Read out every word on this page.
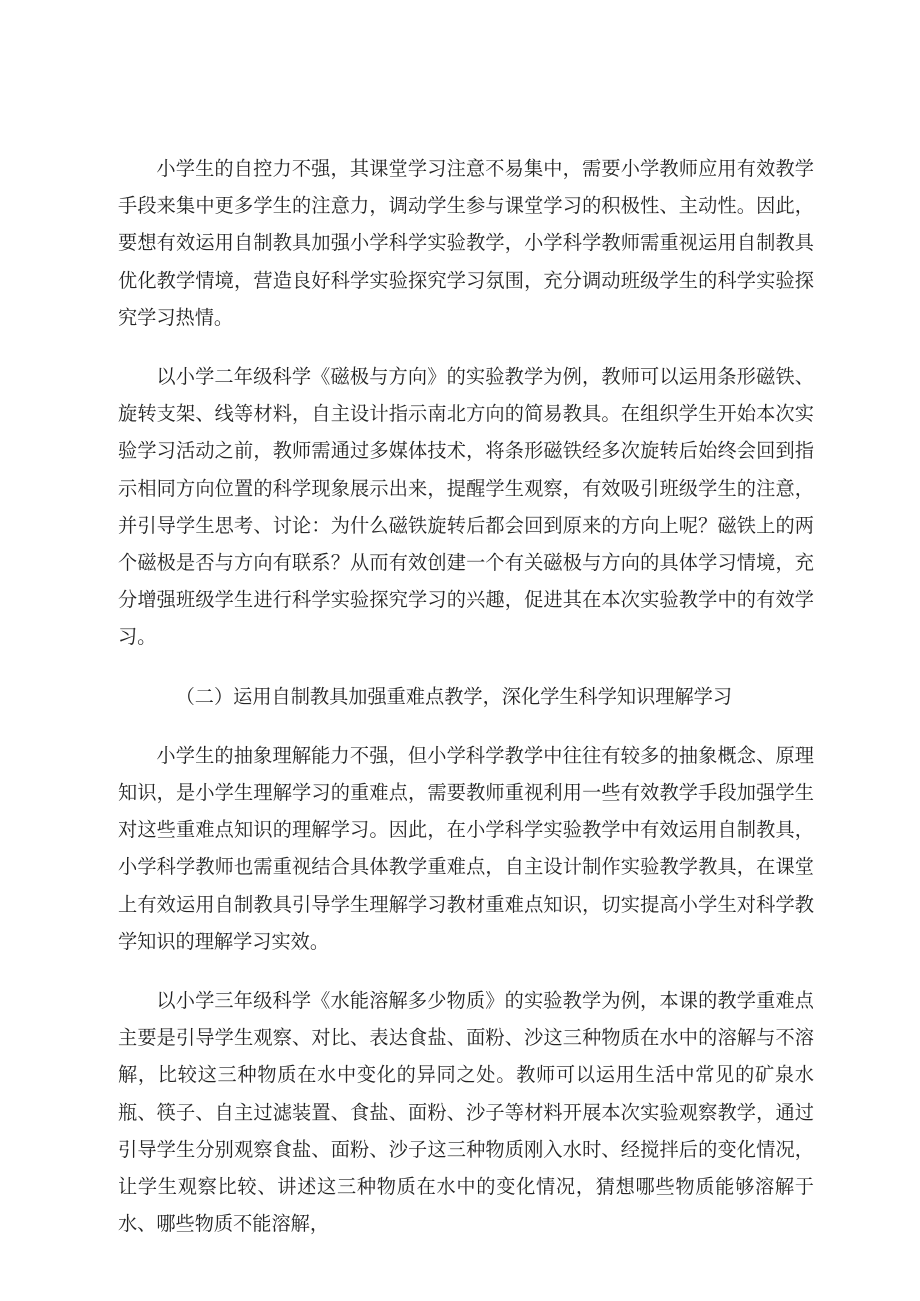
小学生的自控力不强，其课堂学习注意不易集中，需要小学教师应用有效教学手段来集中更多学生的注意力，调动学生参与课堂学习的积极性、主动性。因此，要想有效运用自制教具加强小学科学实验教学，小学科学教师需重视运用自制教具优化教学情境，营造良好科学实验探究学习氛围，充分调动班级学生的科学实验探究学习热情。

以小学二年级科学《磁极与方向》的实验教学为例，教师可以运用条形磁铁、旋转支架、线等材料，自主设计指示南北方向的简易教具。在组织学生开始本次实验学习活动之前，教师需通过多媒体技术，将条形磁铁经多次旋转后始终会回到指示相同方向位置的科学现象展示出来，提醒学生观察，有效吸引班级学生的注意，并引导学生思考、讨论：为什么磁铁旋转后都会回到原来的方向上呢？磁铁上的两个磁极是否与方向有联系？从而有效创建一个有关磁极与方向的具体学习情境，充分增强班级学生进行科学实验探究学习的兴趣，促进其在本次实验教学中的有效学习。

（二）运用自制教具加强重难点教学，深化学生科学知识理解学习

小学生的抽象理解能力不强，但小学科学教学中往往有较多的抽象概念、原理知识，是小学生理解学习的重难点，需要教师重视利用一些有效教学手段加强学生对这些重难点知识的理解学习。因此，在小学科学实验教学中有效运用自制教具，小学科学教师也需重视结合具体教学重难点，自主设计制作实验教学教具，在课堂上有效运用自制教具引导学生理解学习教材重难点知识，切实提高小学生对科学教学知识的理解学习实效。

以小学三年级科学《水能溶解多少物质》的实验教学为例，本课的教学重难点主要是引导学生观察、对比、表达食盐、面粉、沙这三种物质在水中的溶解与不溶解，比较这三种物质在水中变化的异同之处。教师可以运用生活中常见的矿泉水瓶、筷子、自主过滤装置、食盐、面粉、沙子等材料开展本次实验观察教学，通过引导学生分别观察食盐、面粉、沙子这三种物质刚入水时、经搅拌后的变化情况，让学生观察比较、讲述这三种物质在水中的变化情况，猜想哪些物质能够溶解于水、哪些物质不能溶解，
